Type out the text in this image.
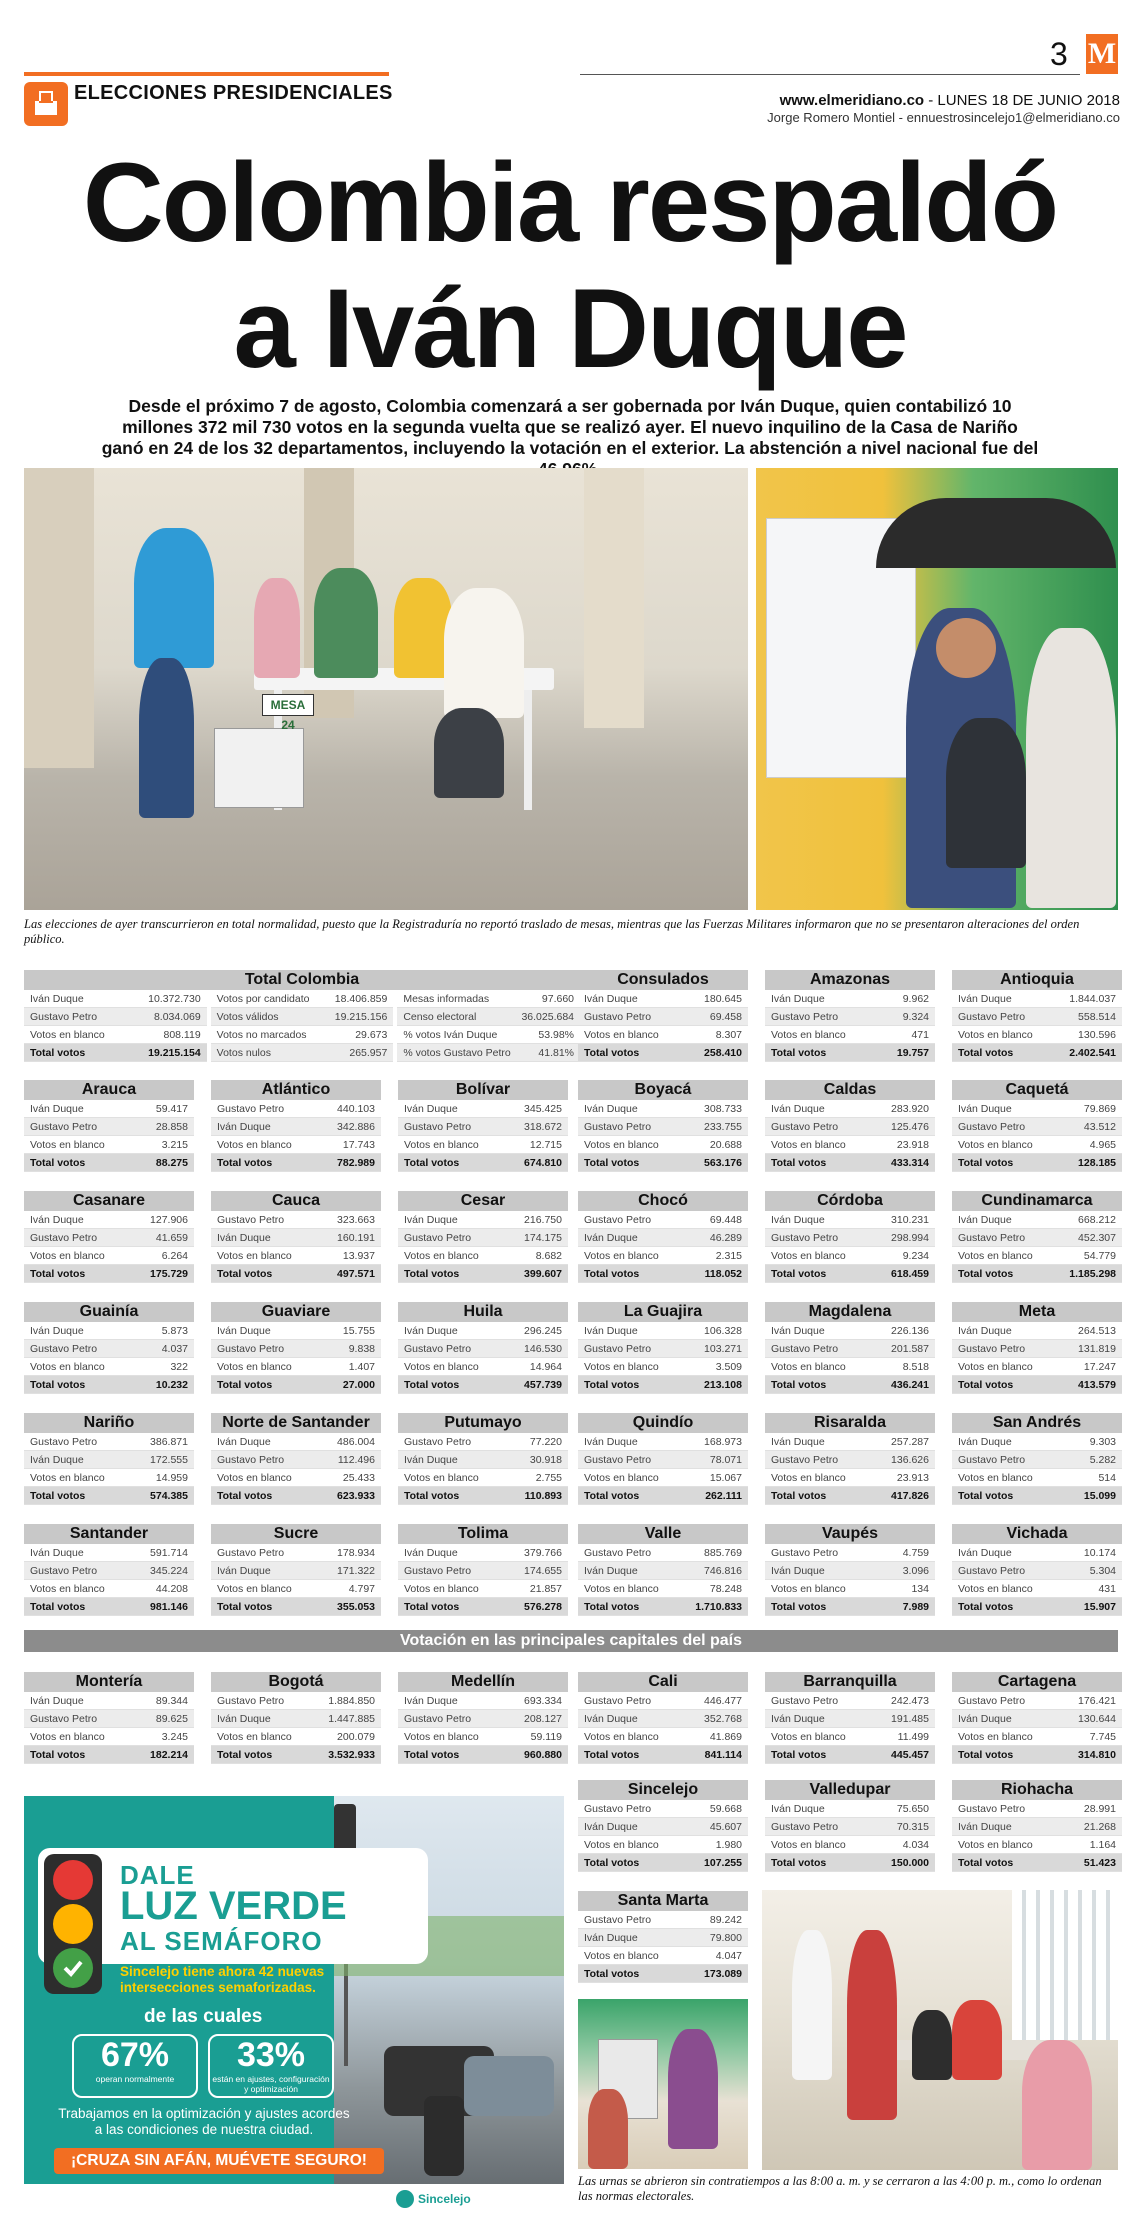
ELECCIONES PRESIDENCIALES
3 M
www.elmeridiano.co - LUNES 18 DE JUNIO 2018
Jorge Romero Montiel - ennuestrosincelejo1@elmeridiano.co
Colombia respaldó
a Iván Duque
Desde el próximo 7 de agosto, Colombia comenzará a ser gobernada por Iván Duque, quien contabilizó 10 millones 372 mil 730 votos en la segunda vuelta que se realizó ayer. El nuevo inquilino de la Casa de Nariño ganó en 24 de los 32 departamentos, incluyendo la votación en el exterior. La abstención a nivel nacional fue del
MESA 24
Las elecciones de ayer transcurrieron en total normalidad, puesto que la Registraduría no reportó traslado de mesas, mientras que las Fuerzas Militares informaron que no se presentaron alteraciones del orden público.
Total Colombia
Iván Duque	10.372.730
Gustavo Petro	8.034.069
Votos en blanco	808.119
Total votos	19.215.154
Votos por candidato 18.406.859
Votos válidos	19.215.156
Votos no marcados	29.673
Votos nulos	265.957
Mesas informadas	97.660
Censo electoral	36.025.684
% votos Iván Duque	53.98%
% votos Gustavo Petro	41.81%
Consulados
Iván Duque	180.645
Gustavo Petro	69.458
Votos en blanco	8.307
Total votos	258.410
Amazonas
Iván Duque	9.962
Gustavo Petro	9.324
Votos en blanco	471
Total votos	19.757
Antioquia
Iván Duque	1.844.037
Gustavo Petro	558.514
Votos en blanco	130.596
Total votos	2.402.541
Arauca
Iván Duque	59.417
Gustavo Petro	28.858
Votos en blanco	3.215
Total votos	88.275
Atlántico
Gustavo Petro	440.103
Iván Duque	342.886
Votos en blanco	17.743
Total votos	782.989
Bolívar
Iván Duque	345.425
Gustavo Petro	318.672
Votos en blanco	12.715
Total votos	674.810
Boyacá
Iván Duque	308.733
Gustavo Petro	233.755
Votos en blanco	20.688
Total votos	563.176
Caldas
Iván Duque	283.920
Gustavo Petro	125.476
Votos en blanco	23.918
Total votos	433.314
Caquetá
Iván Duque	79.869
Gustavo Petro	43.512
Votos en blanco	4.965
Total votos	128.185
Casanare
Iván Duque	127.906
Gustavo Petro	41.659
Votos en blanco	6.264
Total votos	175.729
Cauca
Gustavo Petro	323.663
Iván Duque	160.191
Votos en blanco	13.937
Total votos	497.571
Cesar
Iván Duque	216.750
Gustavo Petro	174.175
Votos en blanco	8.682
Total votos	399.607
Chocó
Gustavo Petro	69.448
Iván Duque	46.289
Votos en blanco	2.315
Total votos	118.052
Córdoba
Iván Duque	310.231
Gustavo Petro	298.994
Votos en blanco	9.234
Total votos	618.459
Cundinamarca
Iván Duque	668.212
Gustavo Petro	452.307
Votos en blanco	54.779
Total votos	1.185.298
Guainía
Iván Duque	5.873
Gustavo Petro	4.037
Votos en blanco	322
Total votos	10.232
Guaviare
Iván Duque	15.755
Gustavo Petro	9.838
Votos en blanco	1.407
Total votos	27.000
Huila
Iván Duque	296.245
Gustavo Petro	146.530
Votos en blanco	14.964
Total votos	457.739
La Guajira
Iván Duque	106.328
Gustavo Petro	103.271
Votos en blanco	3.509
Total votos	213.108
Magdalena
Iván Duque	226.136
Gustavo Petro	201.587
Votos en blanco	8.518
Total votos	436.241
Meta
Iván Duque	264.513
Gustavo Petro	131.819
Votos en blanco	17.247
Total votos	413.579
Nariño
Gustavo Petro	386.871
Iván Duque	172.555
Votos en blanco	14.959
Total votos	574.385
Norte de Santander
Iván Duque	486.004
Gustavo Petro	112.496
Votos en blanco	25.433
Total votos	623.933
Putumayo
Gustavo Petro	77.220
Iván Duque	30.918
Votos en blanco	2.755
Total votos	110.893
Quindío
Iván Duque	168.973
Gustavo Petro	78.071
Votos en blanco	15.067
Total votos	262.111
Risaralda
Iván Duque	257.287
Gustavo Petro	136.626
Votos en blanco	23.913
Total votos	417.826
San Andrés
Iván Duque	9.303
Gustavo Petro	5.282
Votos en blanco	514
Total votos	15.099
Santander
Iván Duque	591.714
Gustavo Petro	345.224
Votos en blanco	44.208
Total votos	981.146
Sucre
Gustavo Petro	178.934
Iván Duque	171.322
Votos en blanco	4.797
Total votos	355.053
Tolima
Iván Duque	379.766
Gustavo Petro	174.655
Votos en blanco	21.857
Total votos	576.278
Valle
Gustavo Petro	885.769
Iván Duque	746.816
Votos en blanco	78.248
Total votos	1.710.833
Vaupés
Gustavo Petro	4.759
Iván Duque	3.096
Votos en blanco	134
Total votos	7.989
Vichada
Iván Duque	10.174
Gustavo Petro	5.304
Votos en blanco	431
Total votos	15.907
Montería
Iván Duque	89.344
Gustavo Petro	89.625
Votos en blanco	3.245
Total votos	182.214
Bogotá
Gustavo Petro	1.884.850
Iván Duque	1.447.885
Votos en blanco	200.079
Total votos	3.532.933
Medellín
Iván Duque	693.334
Gustavo Petro	208.127
Votos en blanco	59.119
Total votos	960.880
Cali
Gustavo Petro	446.477
Iván Duque	352.768
Votos en blanco	41.869
Total votos	841.114
Barranquilla
Gustavo Petro	242.473
Iván Duque	191.485
Votos en blanco	11.499
Total votos	445.457
Cartagena
Gustavo Petro	176.421
Iván Duque	130.644
Votos en blanco	7.745
Total votos	314.810
Sincelejo
Gustavo Petro	59.668
Iván Duque	45.607
Votos en blanco	1.980
Total votos	107.255
Valledupar
Iván Duque	75.650
Gustavo Petro	70.315
Votos en blanco	4.034
Total votos	150.000
Riohacha
Gustavo Petro	28.991
Iván Duque	21.268
Votos en blanco	1.164
Total votos	51.423
Santa Marta
Gustavo Petro	89.242
Iván Duque	79.800
Votos en blanco	4.047
Total votos	173.089
Votación en las principales capitales del país
DALE
LUZ VERDE
AL SEMÁFORO
Sincelejo tiene ahora 42 nuevas intersecciones semaforizadas.
de las cuales
67%
operan normalmente
33%
están en ajustes, configuración y optimización
Trabajamos en la optimización y ajustes acordes a las condiciones de nuestra ciudad.
¡CRUZA SIN AFÁN, MUÉVETE SEGURO!
Sincelejo
Las urnas se abrieron sin contratiempos a las 8:00 a. m. y se cerraron a las 4:00 p. m., como lo ordenan las normas electorales.
